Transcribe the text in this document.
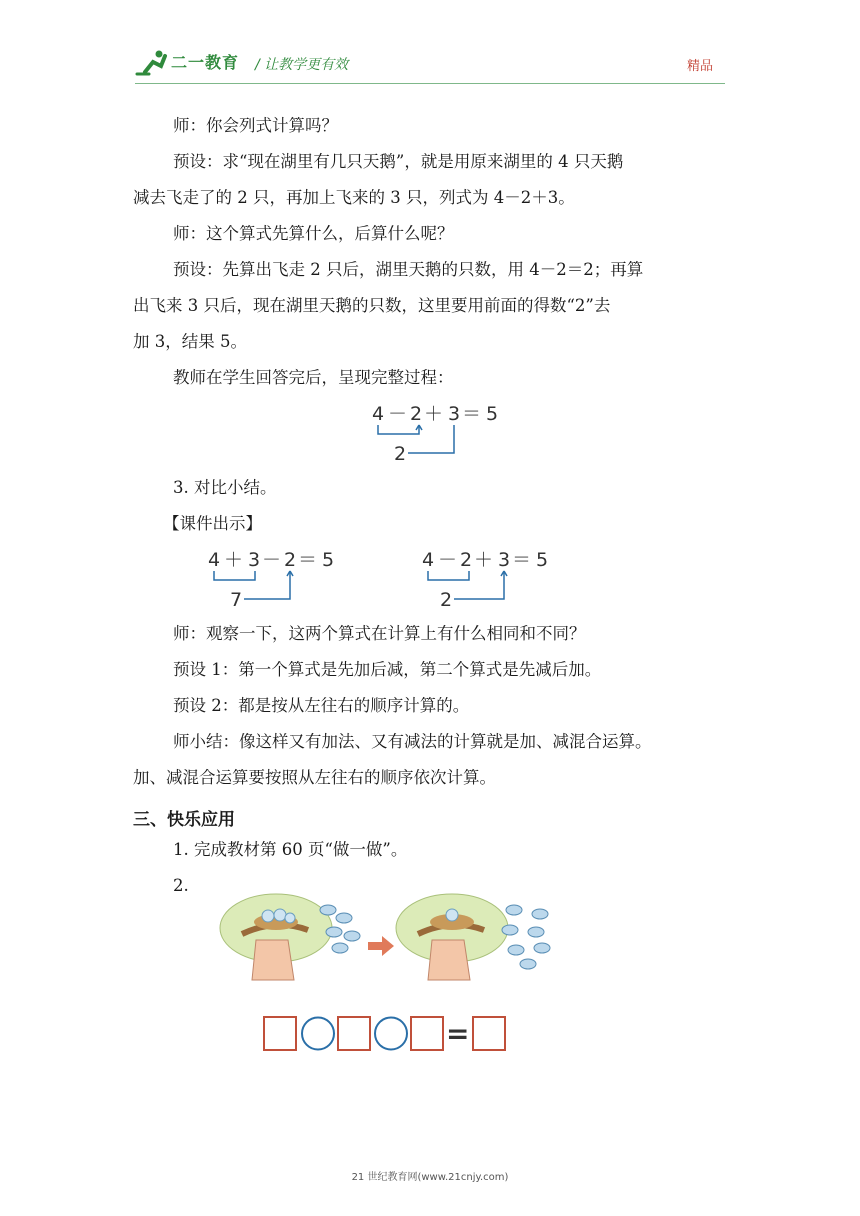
二一教育 / 让教学更有效	精品
师：你会列式计算吗？
预设：求“现在湖里有几只天鹅”，就是用原来湖里的 4 只天鹅
减去飞走了的 2 只，再加上飞来的 3 只，列式为 4－2＋3。
师：这个算式先算什么，后算什么呢？
预设：先算出飞走 2 只后，湖里天鹅的只数，用 4－2＝2；再算
出飞来 3 只后，现在湖里天鹅的只数，这里要用前面的得数“2”去
加 3，结果 5。
教师在学生回答完后，呈现完整过程：
4 － 2 ＋ 3 ＝ 5
2
3. 对比小结。
【课件出示】
4 ＋ 3 － 2 ＝ 5
7
4 － 2 ＋ 3 ＝ 5
2
师：观察一下，这两个算式在计算上有什么相同和不同？
预设 1：第一个算式是先加后减，第二个算式是先减后加。
预设 2：都是按从左往右的顺序计算的。
师小结：像这样又有加法、又有减法的计算就是加、减混合运算。
加、减混合运算要按照从左往右的顺序依次计算。
三、快乐应用
1. 完成教材第 60 页“做一做”。
2.
=
21 世纪教育网(www.21cnjy.com)
